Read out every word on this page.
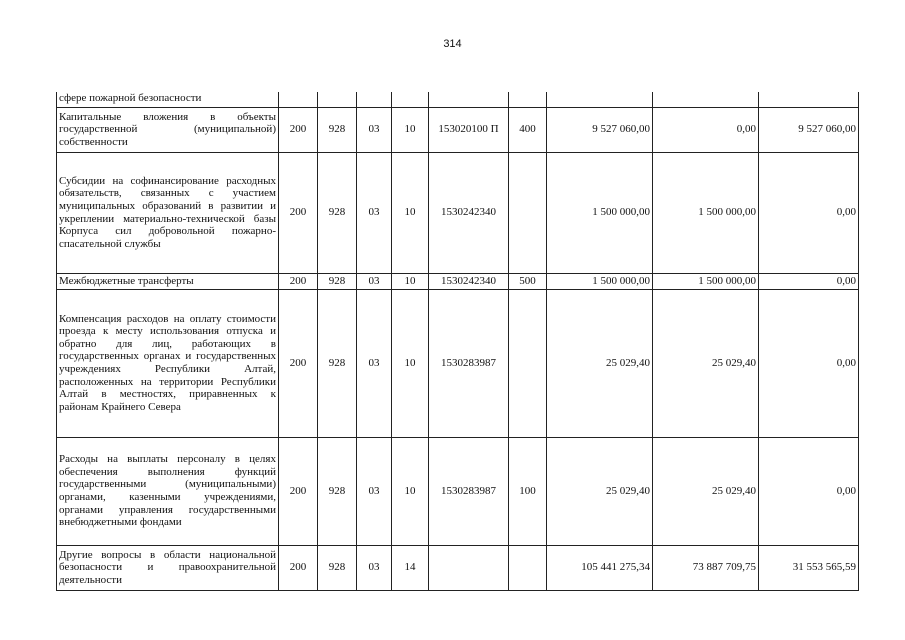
314
сфере пожарной безопасности									
Капитальные вложения в объекты государственной (муниципальной) собственности	200	928	03	10	153020100 П	400	9 527 060,00	0,00	9 527 060,00
Субсидии на софинансирование расходных обязательств, связанных с участием муниципальных образований в развитии и укреплении материально-технической базы Корпуса сил добровольной пожарно-спасательной службы	200	928	03	10	1530242340		1 500 000,00	1 500 000,00	0,00
Межбюджетные трансферты	200	928	03	10	1530242340	500	1 500 000,00	1 500 000,00	0,00
Компенсация расходов на оплату стоимости проезда к месту использования отпуска и обратно для лиц, работающих в государственных органах и государственных учреждениях Республики Алтай, расположенных на территории Республики Алтай в местностях, приравненных к районам Крайнего Севера	200	928	03	10	1530283987		25 029,40	25 029,40	0,00
Расходы на выплаты персоналу в целях обеспечения выполнения функций государственными (муниципальными) органами, казенными учреждениями, органами управления государственными внебюджетными фондами	200	928	03	10	1530283987	100	25 029,40	25 029,40	0,00
Другие вопросы в области национальной безопасности и правоохранительной деятельности	200	928	03	14			105 441 275,34	73 887 709,75	31 553 565,59
